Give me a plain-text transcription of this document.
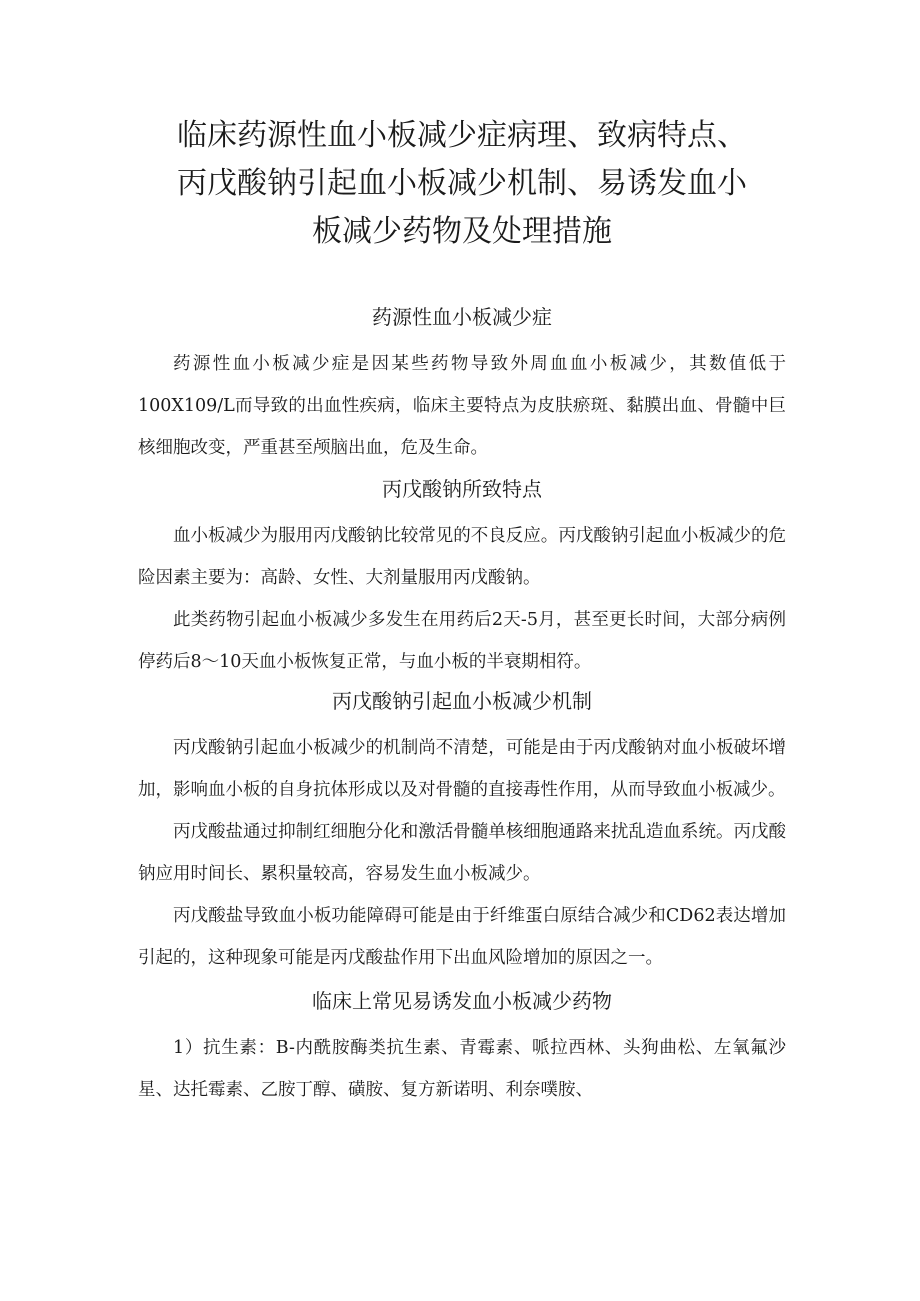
临床药源性血小板减少症病理、致病特点、
丙戊酸钠引起血小板减少机制、易诱发血小
板减少药物及处理措施
药源性血小板减少症

药源性血小板减少症是因某些药物导致外周血血小板减少，其数值低于100X109/L而导致的出血性疾病，临床主要特点为皮肤瘀斑、黏膜出血、骨髓中巨核细胞改变，严重甚至颅脑出血，危及生命。

丙戊酸钠所致特点

血小板减少为服用丙戊酸钠比较常见的不良反应。丙戊酸钠引起血小板减少的危险因素主要为：高龄、女性、大剂量服用丙戊酸钠。

此类药物引起血小板减少多发生在用药后2天-5月，甚至更长时间，大部分病例停药后8～10天血小板恢复正常，与血小板的半衰期相符。

丙戊酸钠引起血小板减少机制

丙戊酸钠引起血小板减少的机制尚不清楚，可能是由于丙戊酸钠对血小板破坏增加，影响血小板的自身抗体形成以及对骨髓的直接毒性作用，从而导致血小板减少。

丙戊酸盐通过抑制红细胞分化和激活骨髓单核细胞通路来扰乱造血系统。丙戊酸钠应用时间长、累积量较高，容易发生血小板减少。

丙戊酸盐导致血小板功能障碍可能是由于纤维蛋白原结合减少和CD62表达增加引起的，这种现象可能是丙戊酸盐作用下出血风险增加的原因之一。

临床上常见易诱发血小板减少药物

1）抗生素：B-内酰胺酶类抗生素、青霉素、哌拉西林、头狗曲松、左氧氟沙星、达托霉素、乙胺丁醇、磺胺、复方新诺明、利奈噗胺、
